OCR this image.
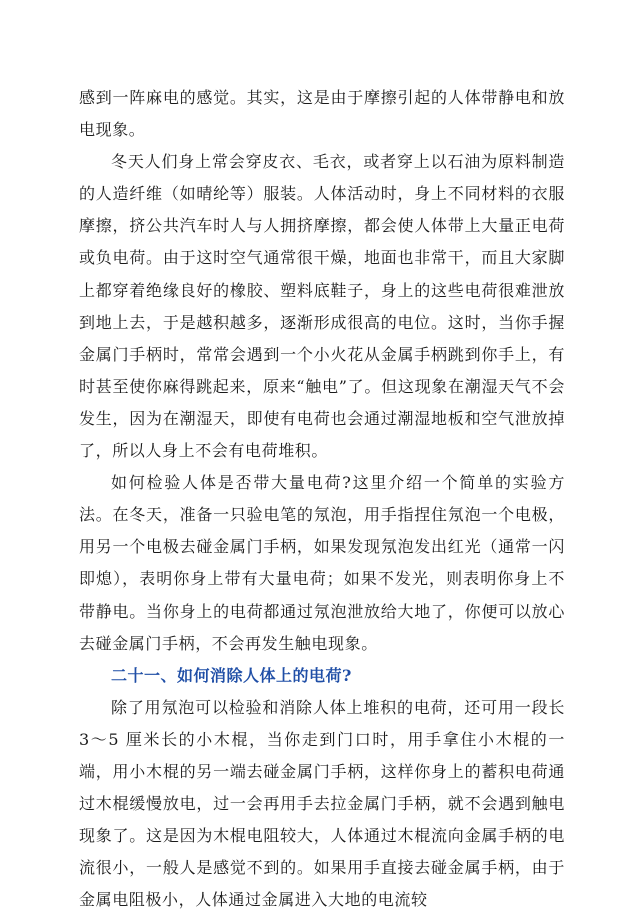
感到一阵麻电的感觉。其实，这是由于摩擦引起的人体带静电和放电现象。

冬天人们身上常会穿皮衣、毛衣，或者穿上以石油为原料制造的人造纤维（如晴纶等）服装。人体活动时，身上不同材料的衣服摩擦，挤公共汽车时人与人拥挤摩擦，都会使人体带上大量正电荷或负电荷。由于这时空气通常很干燥，地面也非常干，而且大家脚上都穿着绝缘良好的橡胶、塑料底鞋子，身上的这些电荷很难泄放到地上去，于是越积越多，逐渐形成很高的电位。这时，当你手握金属门手柄时，常常会遇到一个小火花从金属手柄跳到你手上，有时甚至使你麻得跳起来，原来“触电”了。但这现象在潮湿天气不会发生，因为在潮湿天，即使有电荷也会通过潮湿地板和空气泄放掉了，所以人身上不会有电荷堆积。

如何检验人体是否带大量电荷?这里介绍一个简单的实验方法。在冬天，准备一只验电笔的氖泡，用手指捏住氖泡一个电极，用另一个电极去碰金属门手柄，如果发现氖泡发出红光（通常一闪即熄），表明你身上带有大量电荷；如果不发光，则表明你身上不带静电。当你身上的电荷都通过氖泡泄放给大地了，你便可以放心去碰金属门手柄，不会再发生触电现象。

二十一、如何消除人体上的电荷?

除了用氖泡可以检验和消除人体上堆积的电荷，还可用一段长 3～5 厘米长的小木棍，当你走到门口时，用手拿住小木棍的一端，用小木棍的另一端去碰金属门手柄，这样你身上的蓄积电荷通过木棍缓慢放电，过一会再用手去拉金属门手柄，就不会遇到触电现象了。这是因为木棍电阻较大，人体通过木棍流向金属手柄的电流很小，一般人是感觉不到的。如果用手直接去碰金属手柄，由于金属电阻极小，人体通过金属进入大地的电流较
